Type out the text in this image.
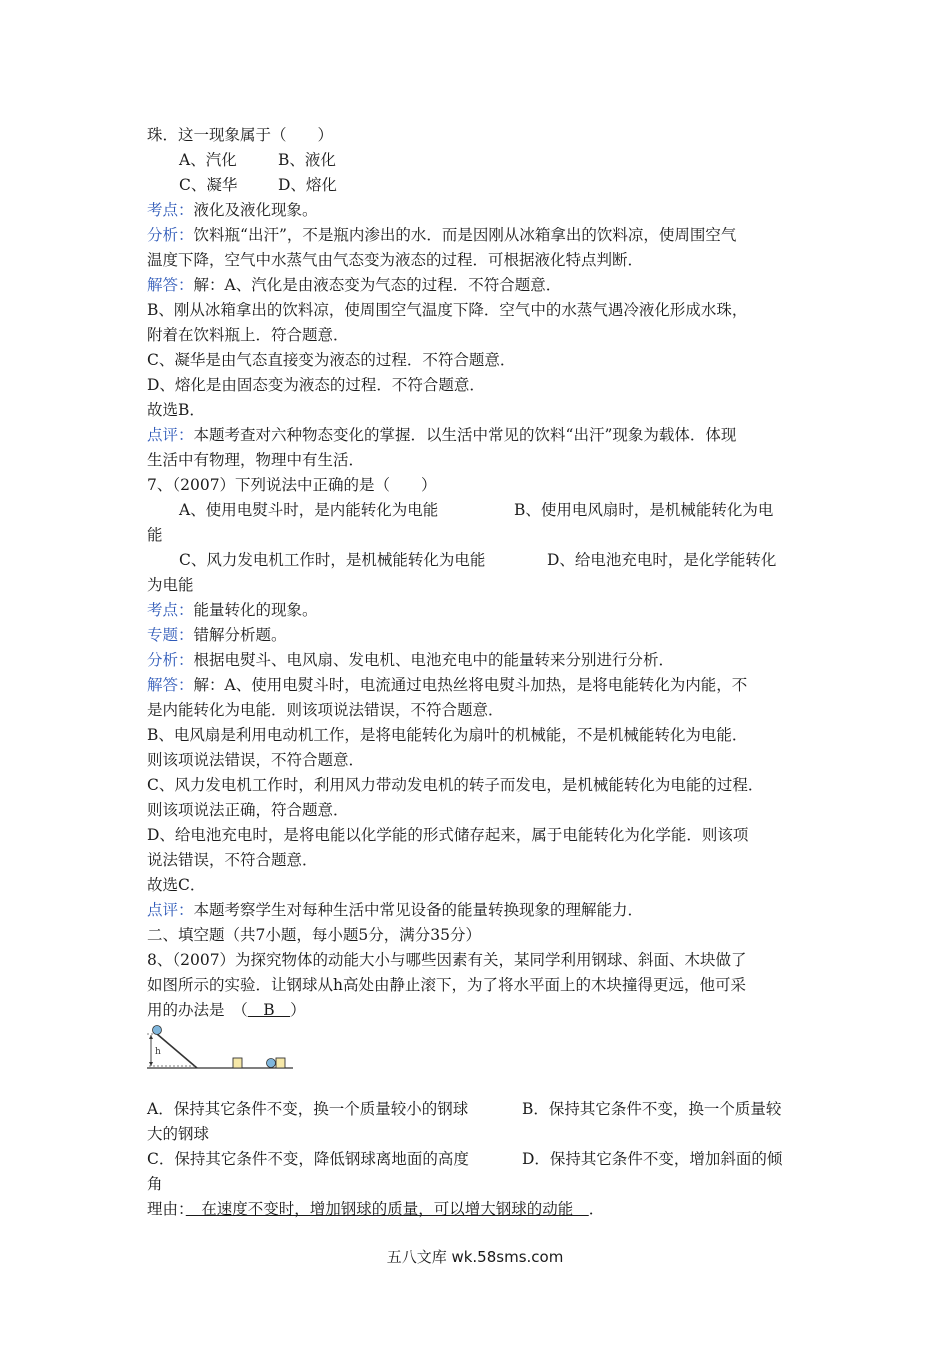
珠．这一现象属于（　　）
A、汽化	B、液化
C、凝华	D、熔化
考点：液化及液化现象。
分析：饮料瓶“出汗”，不是瓶内渗出的水．而是因刚从冰箱拿出的饮料凉，使周围空气
温度下降，空气中水蒸气由气态变为液态的过程．可根据液化特点判断．
解答：解：A、汽化是由液态变为气态的过程．不符合题意．
B、刚从冰箱拿出的饮料凉，使周围空气温度下降．空气中的水蒸气遇冷液化形成水珠，
附着在饮料瓶上．符合题意．
C、凝华是由气态直接变为液态的过程．不符合题意．
D、熔化是由固态变为液态的过程．不符合题意．
故选B．
点评：本题考查对六种物态变化的掌握．以生活中常见的饮料“出汗”现象为载体．体现
生活中有物理，物理中有生活．
7、（2007）下列说法中正确的是（　　）
A、使用电熨斗时，是内能转化为电能	B、使用电风扇时，是机械能转化为电
能
C、风力发电机工作时，是机械能转化为电能	D、给电池充电时，是化学能转化
为电能
考点：能量转化的现象。
专题：错解分析题。
分析：根据电熨斗、电风扇、发电机、电池充电中的能量转来分别进行分析．
解答：解：A、使用电熨斗时，电流通过电热丝将电熨斗加热，是将电能转化为内能，不
是内能转化为电能．则该项说法错误，不符合题意．
B、电风扇是利用电动机工作，是将电能转化为扇叶的机械能，不是机械能转化为电能．
则该项说法错误，不符合题意．
C、风力发电机工作时，利用风力带动发电机的转子而发电，是机械能转化为电能的过程．
则该项说法正确，符合题意．
D、给电池充电时，是将电能以化学能的形式储存起来，属于电能转化为化学能．则该项
说法错误，不符合题意．
故选C．
点评：本题考察学生对每种生活中常见设备的能量转换现象的理解能力．
二、填空题（共7小题，每小题5分，满分35分）
8、（2007）为探究物体的动能大小与哪些因素有关，某同学利用钢球、斜面、木块做了
如图所示的实验．让钢球从h高处由静止滚下，为了将水平面上的木块撞得更远，他可采
用的办法是　（　B　）
A．保持其它条件不变，换一个质量较小的钢球	B．保持其它条件不变，换一个质量较
大的钢球
C．保持其它条件不变，降低钢球离地面的高度	D．保持其它条件不变，增加斜面的倾
角
理由：　在速度不变时，增加钢球的质量，可以增大钢球的动能　．
h
五八文库 wk.58sms.com
